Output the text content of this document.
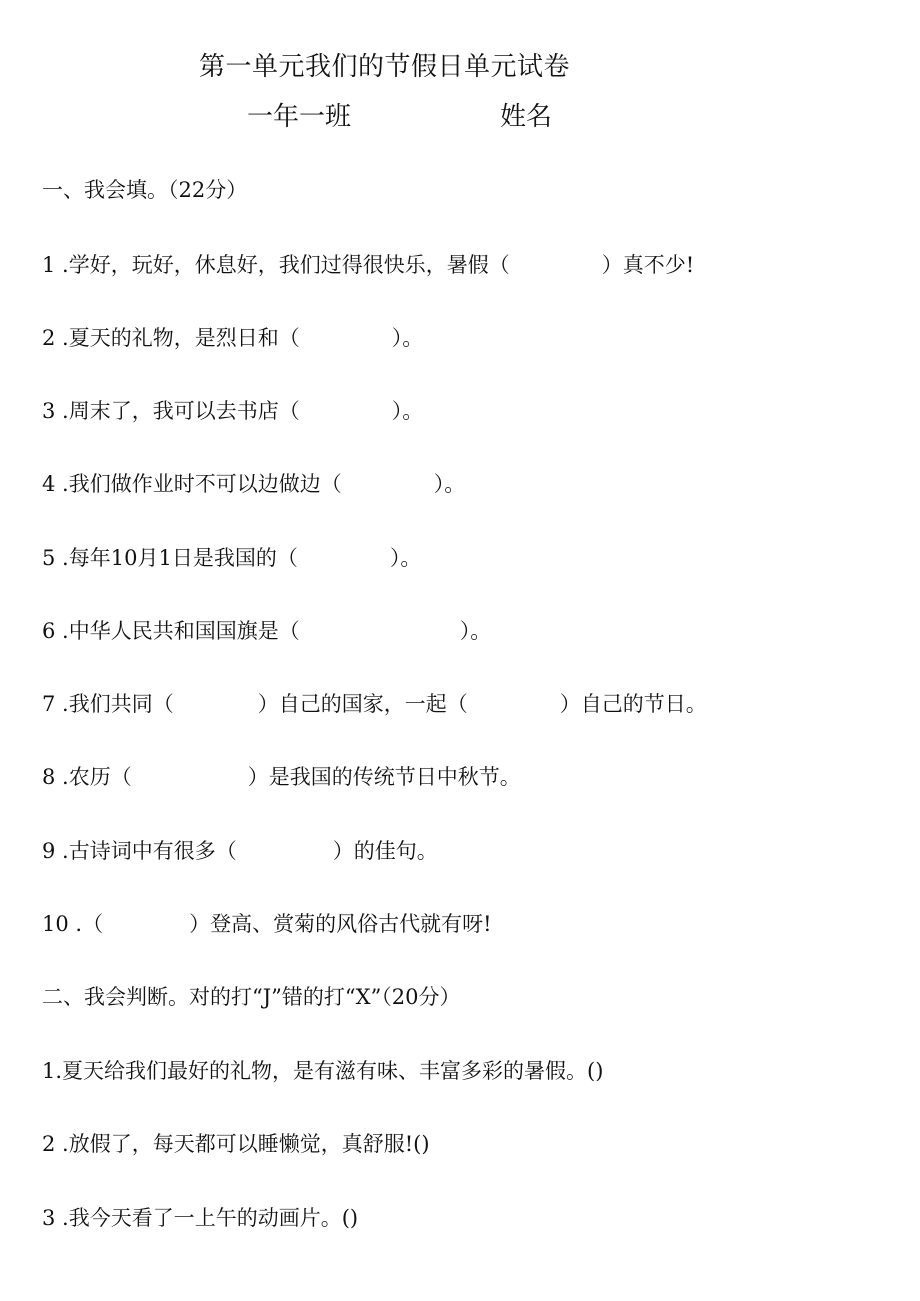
第一单元我们的节假日单元试卷
一年一班	姓名
一、我会填。（22分）
1 .学好，玩好，休息好，我们过得很快乐，暑假（	）真不少!
2 .夏天的礼物，是烈日和（	）。
3 .周末了，我可以去书店（	）。
4 .我们做作业时不可以边做边（	）。
5 .每年10月1日是我国的（	）。
6 .中华人民共和国国旗是（	）。
7 .我们共同（	）自己的国家，一起（	）自己的节日。
8 .农历（	）是我国的传统节日中秋节。
9 .古诗词中有很多（	）的佳句。
10 .（	）登高、赏菊的风俗古代就有呀!
二、我会判断。对的打“J”错的打“X”（20分）
1.夏天给我们最好的礼物，是有滋有味、丰富多彩的暑假。()
2 .放假了，每天都可以睡懒觉，真舒服!()
3 .我今天看了一上午的动画片。()
